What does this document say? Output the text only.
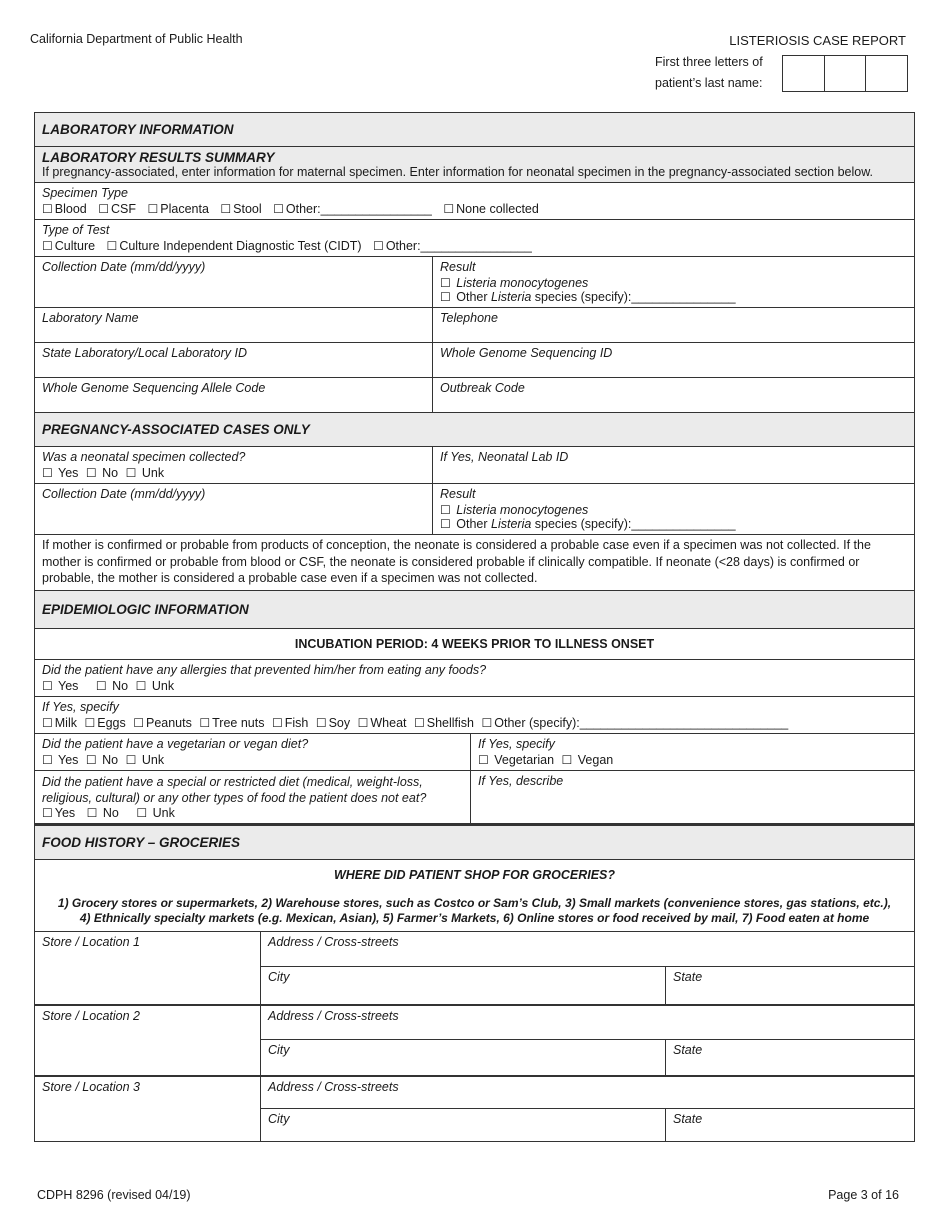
California Department of Public Health	LISTERIOSIS CASE REPORT
First three letters of
patient’s last name:
LABORATORY INFORMATION
LABORATORY RESULTS SUMMARY
If pregnancy-associated, enter information for maternal specimen. Enter information for neonatal specimen in the pregnancy-associated section below.
Specimen Type
☐ Blood ☐ CSF ☐ Placenta ☐ Stool ☐ Other:________________ ☐ None collected
Type of Test
☐ Culture ☐ Culture Independent Diagnostic Test (CIDT) ☐ Other:________________
Collection Date (mm/dd/yyyy)	Result
☐ Listeria monocytogenes ☐ Other Listeria species (specify):_______________
Laboratory Name	Telephone
State Laboratory/Local Laboratory ID	Whole Genome Sequencing ID
Whole Genome Sequencing Allele Code	Outbreak Code
PREGNANCY-ASSOCIATED CASES ONLY
Was a neonatal specimen collected?
☐ Yes ☐ No ☐ Unk
If Yes, Neonatal Lab ID
Collection Date (mm/dd/yyyy)	Result
☐ Listeria monocytogenes ☐ Other Listeria species (specify):_______________
If mother is confirmed or probable from products of conception, the neonate is considered a probable case even if a specimen was not collected. If the mother is confirmed or probable from blood or CSF, the neonate is considered probable if clinically compatible. If neonate (<28 days) is confirmed or probable, the mother is considered a probable case even if a specimen was not collected.
EPIDEMIOLOGIC INFORMATION
INCUBATION PERIOD: 4 WEEKS PRIOR TO ILLNESS ONSET
Did the patient have any allergies that prevented him/her from eating any foods?
☐ Yes ☐ No ☐ Unk
If Yes, specify
☐ Milk ☐ Eggs ☐ Peanuts ☐ Tree nuts ☐ Fish ☐ Soy ☐ Wheat ☐ Shellfish ☐ Other (specify):______________________________
Did the patient have a vegetarian or vegan diet?
☐ Yes ☐ No ☐ Unk
If Yes, specify
☐ Vegetarian ☐ Vegan
Did the patient have a special or restricted diet (medical, weight-loss, religious, cultural) or any other types of food the patient does not eat?
☐ Yes ☐ No ☐ Unk
If Yes, describe
FOOD HISTORY – GROCERIES
WHERE DID PATIENT SHOP FOR GROCERIES?
1) Grocery stores or supermarkets, 2) Warehouse stores, such as Costco or Sam’s Club, 3) Small markets (convenience stores, gas stations, etc.),
4) Ethnically specialty markets (e.g. Mexican, Asian), 5) Farmer’s Markets, 6) Online stores or food received by mail, 7) Food eaten at home
Store / Location 1	Address / Cross-streets
City	State
Store / Location 2	Address / Cross-streets
City	State
Store / Location 3	Address / Cross-streets
City	State
CDPH 8296 (revised 04/19)	Page 3 of 16
